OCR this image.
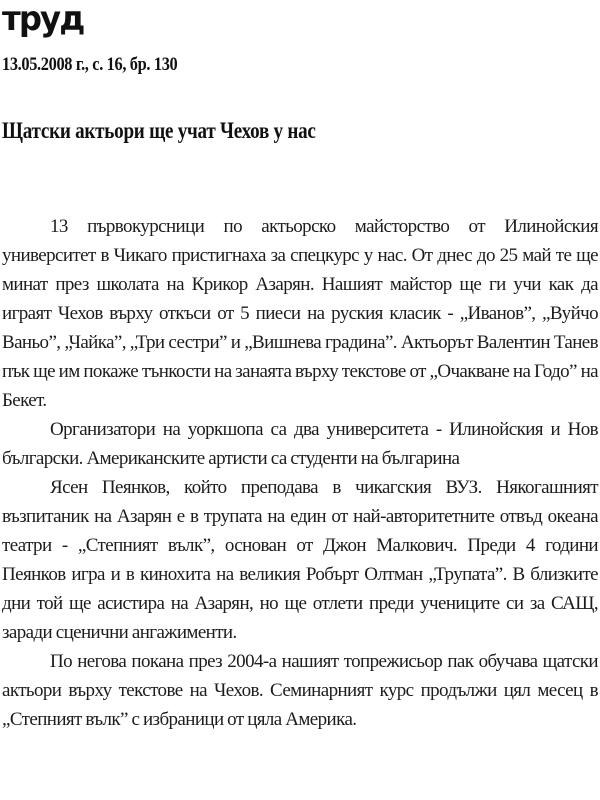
труд
13.05.2008 г., с. 16, бр. 130
Щатски актьори ще учат Чехов у нас

13 първокурсници по актьорско майсторство от Илинойския университет в Чикаго пристигнаха за спецкурс у нас. От днес до 25 май те ще минат през школата на Крикор Азарян. Нашият майстор ще ги учи как да играят Чехов върху откъси от 5 пиеси на руския класик - „Иванов”, „Вуйчо Ваньо”, „Чайка”, „Три сестри” и „Вишнева градина”. Актьорът Валентин Танев пък ще им покаже тънкости на занаята върху текстове от „Очакване на Годо” на Бекет.

Организатори на уоркшопа са два университета - Илинойския и Нов български. Американските артисти са студенти на българина

Ясен Пеянков, който преподава в чикагския ВУЗ. Някогашният възпитаник на Азарян е в трупата на един от най-авторитетните отвъд океана театри - „Степният вълк”, основан от Джон Малкович. Преди 4 години Пеянков игра и в кинохита на великия Робърт Олтман „Трупата”. В близките дни той ще асистира на Азарян, но ще отлети преди учениците си за САЩ, заради сценични ангажименти.

По негова покана през 2004-а нашият топрежисьор пак обучава щатски актьори върху текстове на Чехов. Семинарният курс продължи цял месец в „Степният вълк” с избраници от цяла Америка.
